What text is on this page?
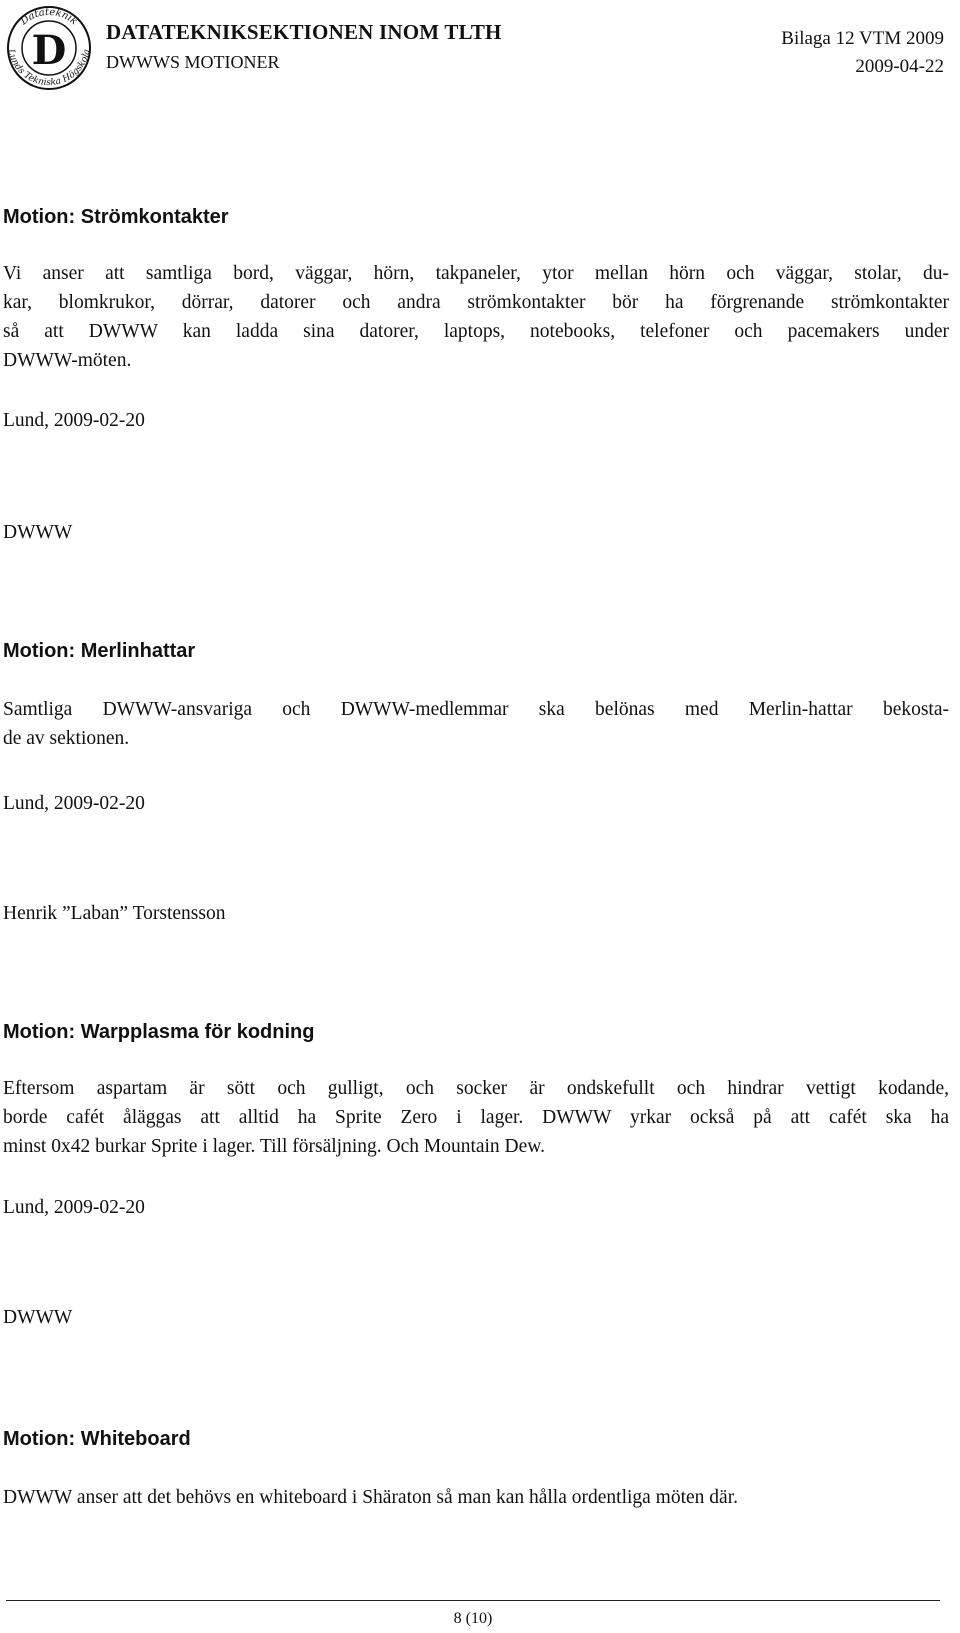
Datateknik
Lunds Tekniska Högskola
D DATATEKNIKSEKTIONEN INOM TLTH
DWWWS MOTIONER
Bilaga 12 VTM 2009
2009-04-22
Motion: Strömkontakter
Vi anser att samtliga bord, väggar, hörn, takpaneler, ytor mellan hörn och väggar, stolar, du-
kar, blomkrukor, dörrar, datorer och andra strömkontakter bör ha förgrenande strömkontakter
så att DWWW kan ladda sina datorer, laptops, notebooks, telefoner och pacemakers under
DWWW-möten.
Lund, 2009-02-20
DWWW
Motion: Merlinhattar
Samtliga DWWW-ansvariga och DWWW-medlemmar ska belönas med Merlin-hattar bekosta-
de av sektionen.
Lund, 2009-02-20
Henrik ”Laban” Torstensson
Motion: Warpplasma för kodning
Eftersom aspartam är sött och gulligt, och socker är ondskefullt och hindrar vettigt kodande,
borde cafét åläggas att alltid ha Sprite Zero i lager. DWWW yrkar också på att cafét ska ha
minst 0x42 burkar Sprite i lager. Till försäljning. Och Mountain Dew.
Lund, 2009-02-20
DWWW
Motion: Whiteboard
DWWW anser att det behövs en whiteboard i Shäraton så man kan hålla ordentliga möten där.
8 (10)
